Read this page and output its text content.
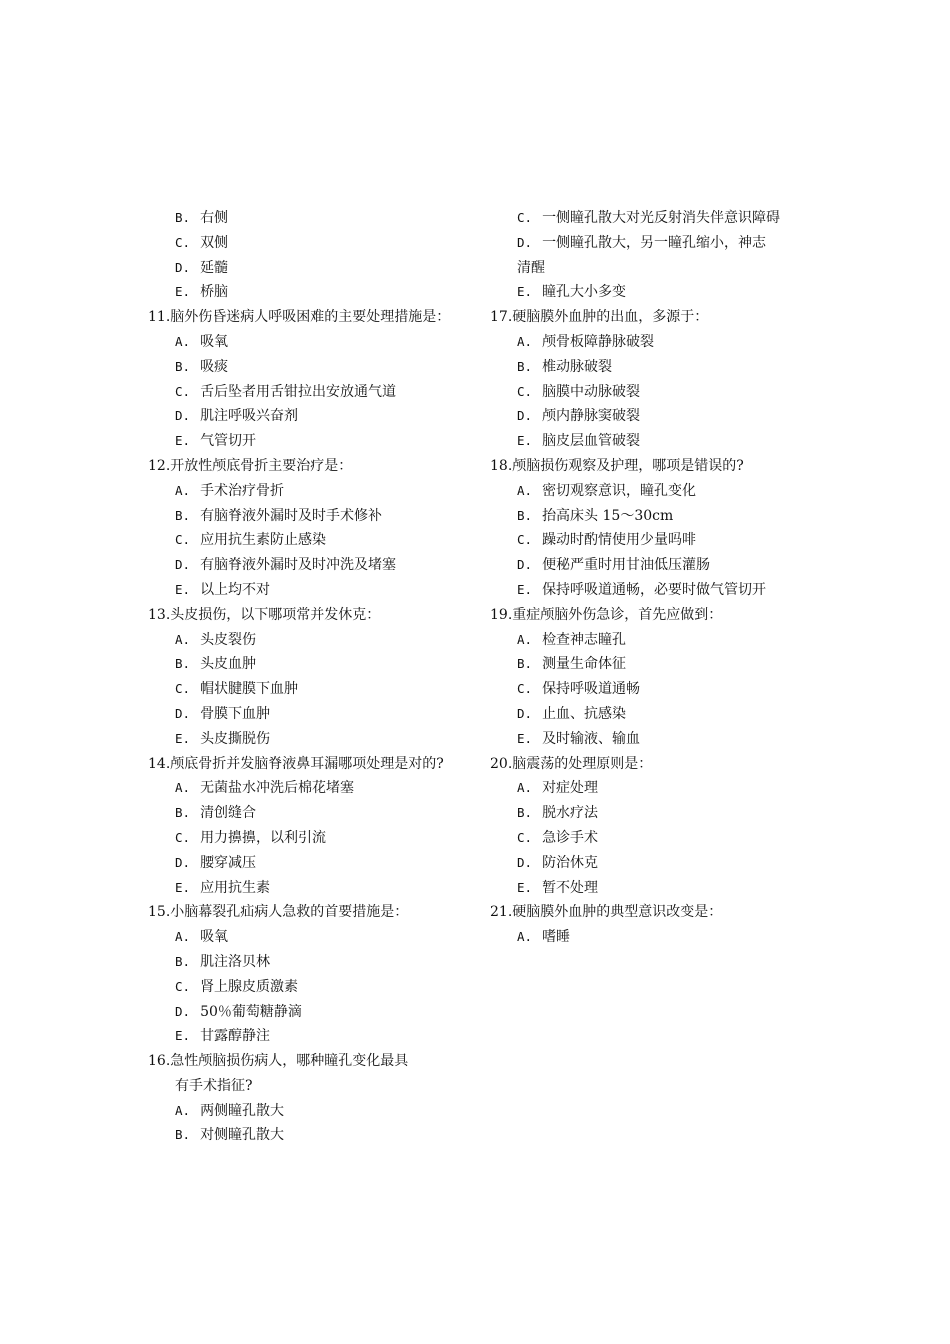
B. 右侧
C. 双侧
D. 延髓
E. 桥脑
11.脑外伤昏迷病人呼吸困难的主要处理措施是：
A. 吸氧
B. 吸痰
C. 舌后坠者用舌钳拉出安放通气道
D. 肌注呼吸兴奋剂
E. 气管切开
12.开放性颅底骨折主要治疗是：
A. 手术治疗骨折
B. 有脑脊液外漏时及时手术修补
C. 应用抗生素防止感染
D. 有脑脊液外漏时及时冲洗及堵塞
E. 以上均不对
13.头皮损伤，以下哪项常并发休克：
A. 头皮裂伤
B. 头皮血肿
C. 帽状腱膜下血肿
D. 骨膜下血肿
E. 头皮撕脱伤
14.颅底骨折并发脑脊液鼻耳漏哪项处理是对的?
A. 无菌盐水冲洗后棉花堵塞
B. 清创缝合
C. 用力擤擤，以利引流
D. 腰穿减压
E. 应用抗生素
15.小脑幕裂孔疝病人急救的首要措施是：
A. 吸氧
B. 肌注洛贝林
C. 肾上腺皮质激素
D. 50％葡萄糖静滴
E. 甘露醇静注
16.急性颅脑损伤病人，哪种瞳孔变化最具
有手术指征?
A. 两侧瞳孔散大
B. 对侧瞳孔散大
C. 一侧瞳孔散大对光反射消失伴意识障碍
D. 一侧瞳孔散大，另一瞳孔缩小，神志
清醒
E. 瞳孔大小多变
17.硬脑膜外血肿的出血，多源于：
A. 颅骨板障静脉破裂
B. 椎动脉破裂
C. 脑膜中动脉破裂
D. 颅内静脉窦破裂
E. 脑皮层血管破裂
18.颅脑损伤观察及护理，哪项是错误的?
A. 密切观察意识，瞳孔变化
B. 抬高床头 15～30cm
C. 躁动时酌情使用少量吗啡
D. 便秘严重时用甘油低压灌肠
E. 保持呼吸道通畅，必要时做气管切开
19.重症颅脑外伤急诊，首先应做到：
A. 检查神志瞳孔
B. 测量生命体征
C. 保持呼吸道通畅
D. 止血、抗感染
E. 及时输液、输血
20.脑震荡的处理原则是：
A. 对症处理
B. 脱水疗法
C. 急诊手术
D. 防治休克
E. 暂不处理
21.硬脑膜外血肿的典型意识改变是：
A. 嗜睡
